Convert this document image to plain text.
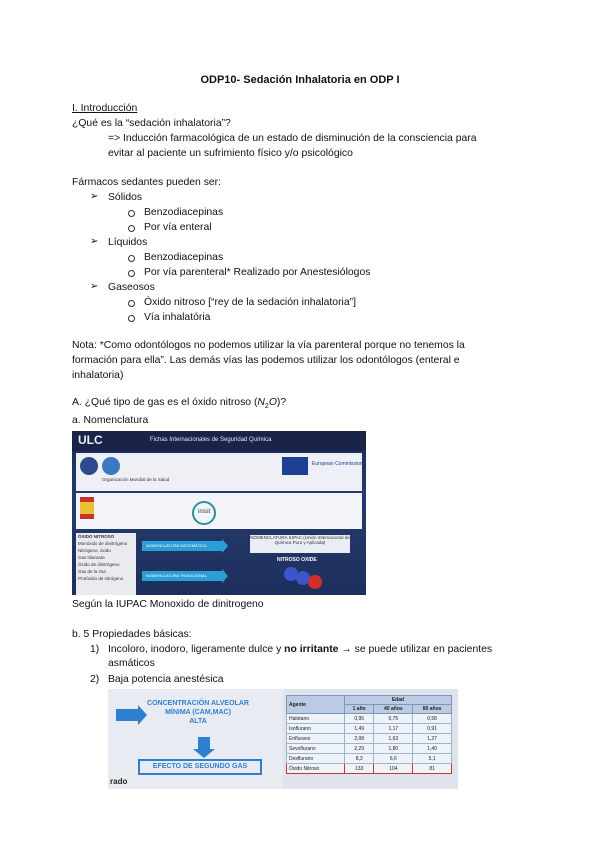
ODP10- Sedación Inhalatoria en ODP I
I. Introducción
¿Qué es la “sedación inhalatoria”?
=> Inducción farmacológica de un estado de disminución de la consciencia para
evitar al paciente un sufrimiento físico y/o psicológico
Fármacos sedantes pueden ser:
➢ Sólidos
Benzodiacepinas
Por vía enteral
➢ Líquidos
Benzodiacepinas
Por vía parenteral* Realizado por Anestesiólogos
➢ Gaseosos
Óxido nitroso [“rey de la sedación inhalatoria”]
Vía inhalatória
Nota: *Como odontólogos no podemos utilizar la vía parenteral porque no tenemos la
formación para ella”. Las demás vías las podemos utilizar los odontólogos (enteral e
inhalatoria)
A. ¿Qué tipo de gas es el óxido nitroso $(N_2O)$?
a. Nomenclatura
ULC	Fichas Internacionales de Seguridad Química
Organización Mundial de la Salud
European Commission
insst
ÓXIDO NITROSO
Monóxido de dinitrógeno
Nitrógeno, óxido
Gas hilarante
Óxido de dinitrógeno
Gas de la risa
Protóxido de nitrógeno
NOMENCLATURA SISTEMÁTICA
NOMENCLATURA TRADICIONAL
NOMENCLATURA IUPAC (Unión Internacional de Química Pura y Aplicada)
NITROSO OXIDE
Según la IUPAC Monoxido de dinitrogeno
b. 5 Propiedades básicas:
1) Incoloro, inodoro, ligeramente dulce y no irritante → se puede utilizar en pacientes
asmáticos
2) Baja potencia anestésica
CONCENTRACIÓN ALVEOLAR
MÍNIMA (CAM,MAC)
ALTA
EFECTO DE SEGUNDO GAS
rado
Agente	Edad		
	1 año	40 años	80 años
Halotano	0,95	0,75	0,58
Isoflurano	1,49	1,17	0,91
Enflurano	2,08	1,63	1,27
Sevoflurano	2,29	1,80	1,40
Desflurano	8,3	6,6	5,1
Óxido Nitroso	133	104	81
